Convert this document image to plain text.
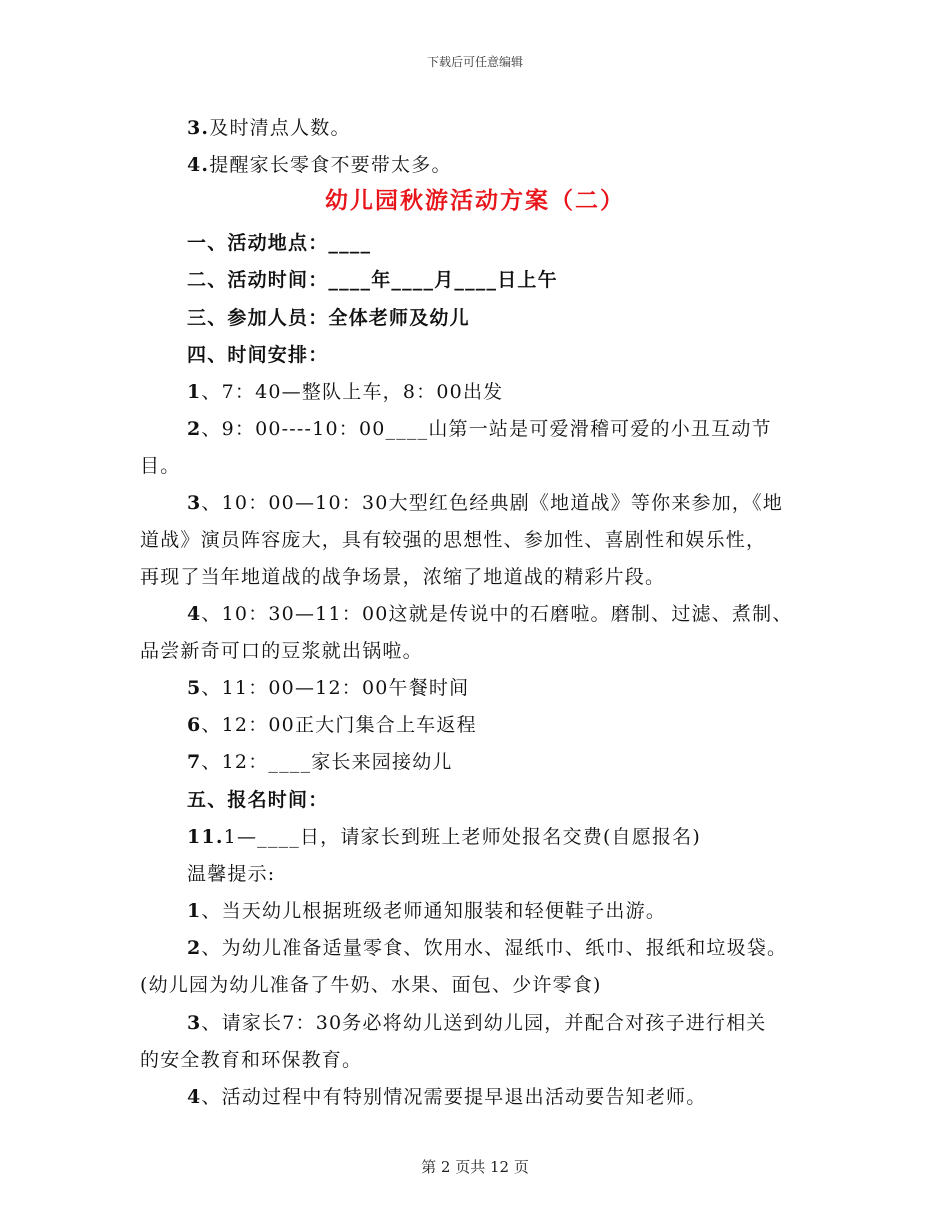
下载后可任意编辑
3.及时清点人数。
4.提醒家长零食不要带太多。
幼儿园秋游活动方案（二）
一、活动地点：____
二、活动时间：____年____月____日上午
三、参加人员：全体老师及幼儿
四、时间安排：
1、7：40—整队上车，8：00出发
2、9：00----10：00____山第一站是可爱滑稽可爱的小丑互动节
目。
3、10：00—10：30大型红色经典剧《地道战》等你来参加，《地
道战》演员阵容庞大，具有较强的思想性、参加性、喜剧性和娱乐性，
再现了当年地道战的战争场景，浓缩了地道战的精彩片段。
4、10：30—11：00这就是传说中的石磨啦。磨制、过滤、煮制、
品尝新奇可口的豆浆就出锅啦。
5、11：00—12：00午餐时间
6、12：00正大门集合上车返程
7、12：____家长来园接幼儿
五、报名时间：
11.1—____日，请家长到班上老师处报名交费(自愿报名)
温馨提示:
1、当天幼儿根据班级老师通知服装和轻便鞋子出游。
2、为幼儿准备适量零食、饮用水、湿纸巾、纸巾、报纸和垃圾袋。
(幼儿园为幼儿准备了牛奶、水果、面包、少许零食)
3、请家长7：30务必将幼儿送到幼儿园，并配合对孩子进行相关
的安全教育和环保教育。
4、活动过程中有特别情况需要提早退出活动要告知老师。
第 2 页共 12 页
